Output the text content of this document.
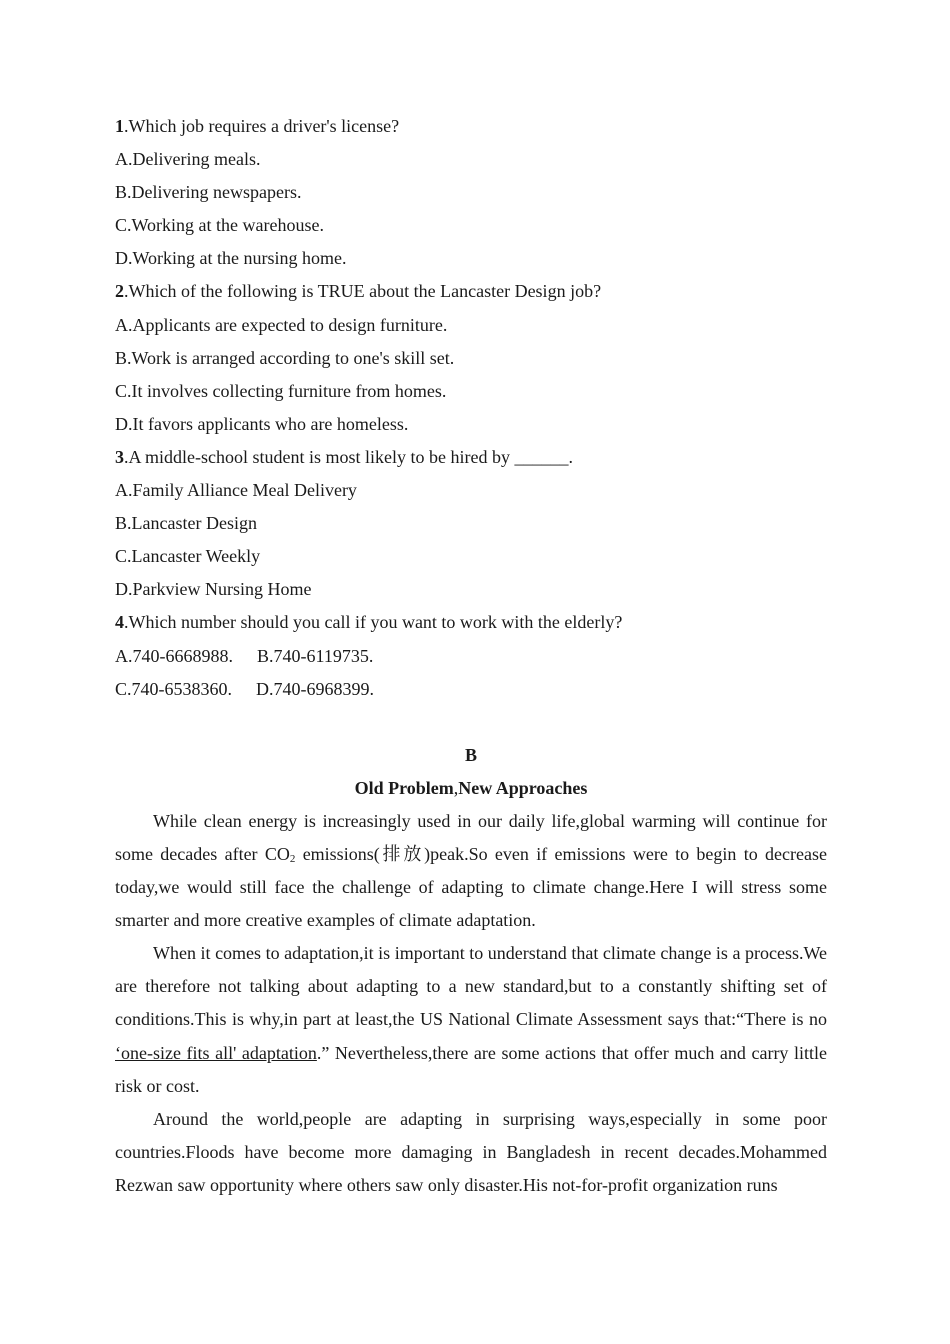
1.Which job requires a driver's license?
A.Delivering meals.
B.Delivering newspapers.
C.Working at the warehouse.
D.Working at the nursing home.
2.Which of the following is TRUE about the Lancaster Design job?
A.Applicants are expected to design furniture.
B.Work is arranged according to one's skill set.
C.It involves collecting furniture from homes.
D.It favors applicants who are homeless.
3.A middle-school student is most likely to be hired by ______.
A.Family Alliance Meal Delivery
B.Lancaster Design
C.Lancaster Weekly
D.Parkview Nursing Home
4.Which number should you call if you want to work with the elderly?
A.740-6668988. B.740-6119735.
C.740-6538360. D.740-6968399.
B
Old Problem,New Approaches

While clean energy is increasingly used in our daily life,global warming will continue for some decades after $CO_2$ emissions(排放)peak.So even if emissions were to begin to decrease today,we would still face the challenge of adapting to climate change.Here I will stress some smarter and more creative examples of climate adaptation.

When it comes to adaptation,it is important to understand that climate change is a process.We are therefore not talking about adapting to a new standard,but to a constantly shifting set of conditions.This is why,in part at least,the US National Climate Assessment says that:“There is no ‘one-size fits all' adaptation.” Nevertheless,there are some actions that offer much and carry little risk or cost.

Around the world,people are adapting in surprising ways,especially in some poor countries.Floods have become more damaging in Bangladesh in recent decades.Mohammed Rezwan saw opportunity where others saw only disaster.His not-for-profit organization runs
